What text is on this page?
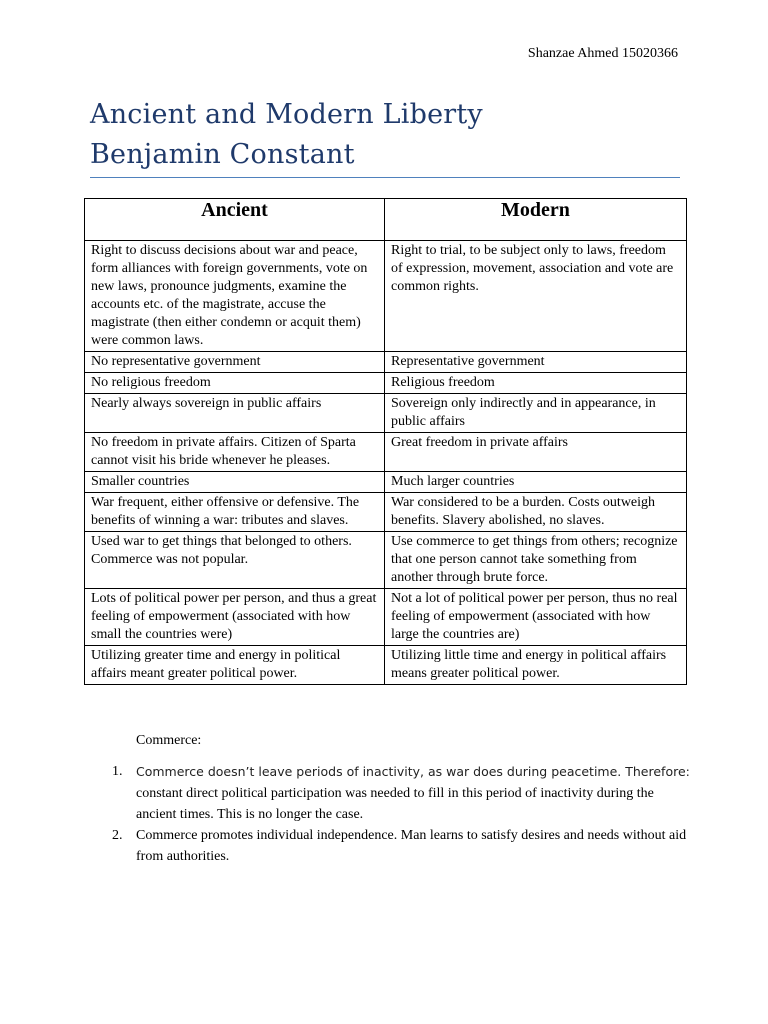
Shanzae Ahmed 15020366
Ancient and Modern Liberty
Benjamin Constant
Ancient	Modern
Right to discuss decisions about war and peace, form alliances with foreign governments, vote on new laws, pronounce judgments, examine the accounts etc. of the magistrate, accuse the magistrate (then either condemn or acquit them) were common laws.	Right to trial, to be subject only to laws, freedom of expression, movement, association and vote are common rights.
No representative government	Representative government
No religious freedom	Religious freedom
Nearly always sovereign in public affairs	Sovereign only indirectly and in appearance, in public affairs
No freedom in private affairs. Citizen of Sparta cannot visit his bride whenever he pleases.	Great freedom in private affairs
Smaller countries	Much larger countries
War frequent, either offensive or defensive. The benefits of winning a war: tributes and slaves.	War considered to be a burden. Costs outweigh benefits. Slavery abolished, no slaves.
Used war to get things that belonged to others. Commerce was not popular.	Use commerce to get things from others; recognize that one person cannot take something from another through brute force.
Lots of political power per person, and thus a great feeling of empowerment (associated with how small the countries were)	Not a lot of political power per person, thus no real feeling of empowerment (associated with how large the countries are)
Utilizing greater time and energy in political affairs meant greater political power.	Utilizing little time and energy in political affairs means greater political power.
Commerce:
1. Commerce doesn’t leave periods of inactivity, as war does during peacetime. Therefore: constant direct political participation was needed to fill in this period of inactivity during the ancient times. This is no longer the case.
2. Commerce promotes individual independence. Man learns to satisfy desires and needs without aid from authorities.
